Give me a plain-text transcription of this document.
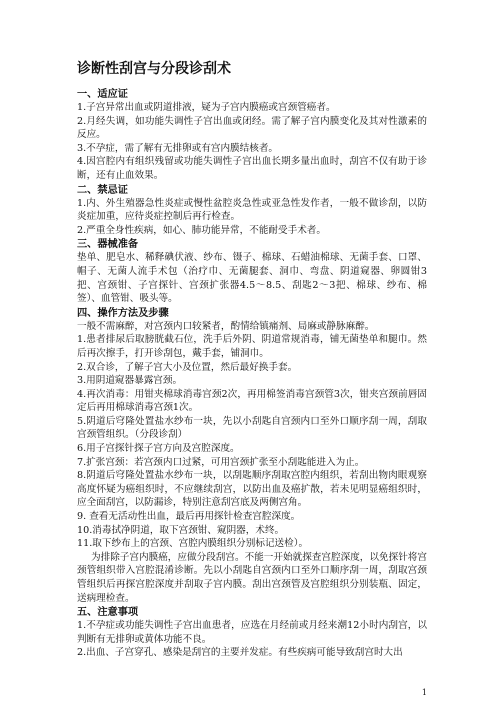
诊断性刮宫与分段诊刮术
一、适应证

1.子宫异常出血或阴道排液，疑为子宫内膜癌或宫颈管癌者。

2.月经失调，如功能失调性子宫出血或闭经。需了解子宫内膜变化及其对性激素的反应。

3.不孕症，需了解有无排卵或有宫内膜结核者。

4.因宫腔内有组织残留或功能失调性子宫出血长期多量出血时，刮宫不仅有助于诊断，还有止血效果。

二、禁忌证

1.内、外生殖器急性炎症或慢性盆腔炎急性或亚急性发作者，一般不做诊刮，以防炎症加重，应待炎症控制后再行检查。

2.严重全身性疾病，如心、肺功能异常，不能耐受手术者。

三、器械准备

垫单、肥皂水、稀释碘伏液、纱布、镊子、棉球、石蜡油棉球、无菌手套、口罩、帽子、无菌人流手术包（治疗巾、无菌腿套、洞巾、弯盘、阴道窥器、卵圆钳3把、宫颈钳、子宫探针、宫颈扩张器4.5～8.5、刮匙2～3把、棉球、纱布、棉签）、血管钳、吸头等。

四、操作方法及步骤

一般不需麻醉，对宫颈内口较紧者，酌情给镇痛剂、局麻或静脉麻醉。

1.患者排尿后取膀胱截石位，洗手后外阴、阴道常规消毒，铺无菌垫单和腿巾。然后再次擦手，打开诊刮包，戴手套，铺洞巾。

2.双合诊，了解子宫大小及位置，然后最好换手套。

3.用阴道窥器暴露宫颈。

4.再次消毒：用钳夹棉球消毒宫颈2次，再用棉签消毒宫颈管3次，钳夹宫颈前唇固定后再用棉球消毒宫颈1次。

5.阴道后穹隆处置盐水纱布一块，先以小刮匙自宫颈内口至外口顺序刮一周，刮取宫颈管组织。（分段诊刮）

6.用子宫探针探子宫方向及宫腔深度。

7.扩张宫颈：若宫颈内口过紧，可用宫颈扩张至小刮匙能进入为止。

8.阴道后穹隆处置盐水纱布一块，以刮匙顺序刮取宫腔内组织，若刮出物肉眼观察高度怀疑为癌组织时，不应继续刮宫，以防出血及癌扩散，若未见明显癌组织时，应全面刮宫，以防漏诊，特别注意刮宫底及两侧宫角。

9. 查看无活动性出血，最后再用探针检查宫腔深度。

10.消毒拭净阴道，取下宫颈钳、窥阴器，术终。

11.取下纱布上的宫颈、宫腔内膜组织分别标记送检）。

为排除子宫内膜癌，应做分段刮宫。不能一开始就探查宫腔深度，以免探针将宫颈管组织带入宫腔混淆诊断。先以小刮匙自宫颈内口至外口顺序刮一周，刮取宫颈管组织后再探宫腔深度并刮取子宫内膜。刮出宫颈管及宫腔组织分别装瓶、固定，送病理检查。

五、注意事项

1.不孕症或功能失调性子宫出血患者，应选在月经前或月经来潮12小时内刮宫，以判断有无排卵或黄体功能不良。

2.出血、子宫穿孔、感染是刮宫的主要并发症。有些疾病可能导致刮宫时大出

1
